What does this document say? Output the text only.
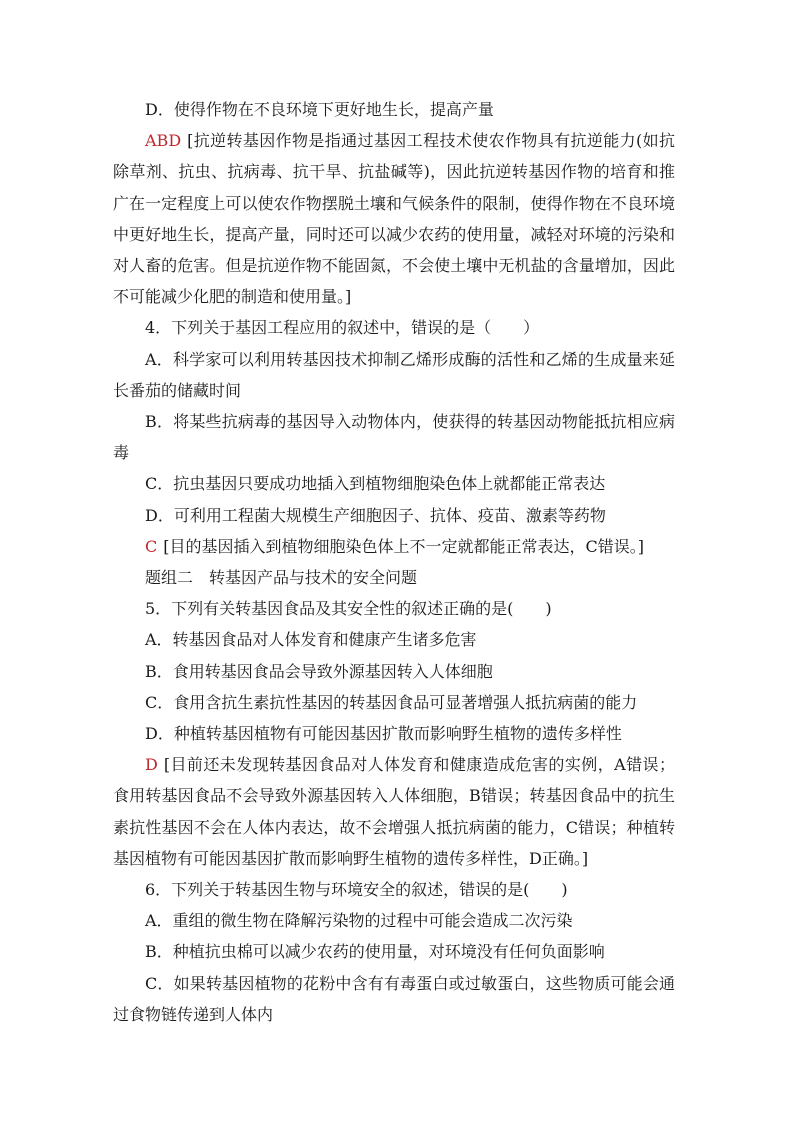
D．使得作物在不良环境下更好地生长，提高产量

ABD [抗逆转基因作物是指通过基因工程技术使农作物具有抗逆能力(如抗除草剂、抗虫、抗病毒、抗干旱、抗盐碱等)，因此抗逆转基因作物的培育和推广在一定程度上可以使农作物摆脱土壤和气候条件的限制，使得作物在不良环境中更好地生长，提高产量，同时还可以减少农药的使用量，减轻对环境的污染和对人畜的危害。但是抗逆作物不能固氮，不会使土壤中无机盐的含量增加，因此不可能减少化肥的制造和使用量。]

4．下列关于基因工程应用的叙述中，错误的是（　　）

A．科学家可以利用转基因技术抑制乙烯形成酶的活性和乙烯的生成量来延长番茄的储藏时间

B．将某些抗病毒的基因导入动物体内，使获得的转基因动物能抵抗相应病毒

C．抗虫基因只要成功地插入到植物细胞染色体上就都能正常表达

D．可利用工程菌大规模生产细胞因子、抗体、疫苗、激素等药物

C [目的基因插入到植物细胞染色体上不一定就都能正常表达，C错误。]

题组二　转基因产品与技术的安全问题

5．下列有关转基因食品及其安全性的叙述正确的是(　　)

A．转基因食品对人体发育和健康产生诸多危害

B．食用转基因食品会导致外源基因转入人体细胞

C．食用含抗生素抗性基因的转基因食品可显著增强人抵抗病菌的能力

D．种植转基因植物有可能因基因扩散而影响野生植物的遗传多样性

D [目前还未发现转基因食品对人体发育和健康造成危害的实例，A错误；食用转基因食品不会导致外源基因转入人体细胞，B错误；转基因食品中的抗生素抗性基因不会在人体内表达，故不会增强人抵抗病菌的能力，C错误；种植转基因植物有可能因基因扩散而影响野生植物的遗传多样性，D正确。]

6．下列关于转基因生物与环境安全的叙述，错误的是(　　)

A．重组的微生物在降解污染物的过程中可能会造成二次污染

B．种植抗虫棉可以减少农药的使用量，对环境没有任何负面影响

C．如果转基因植物的花粉中含有有毒蛋白或过敏蛋白，这些物质可能会通过食物链传递到人体内
